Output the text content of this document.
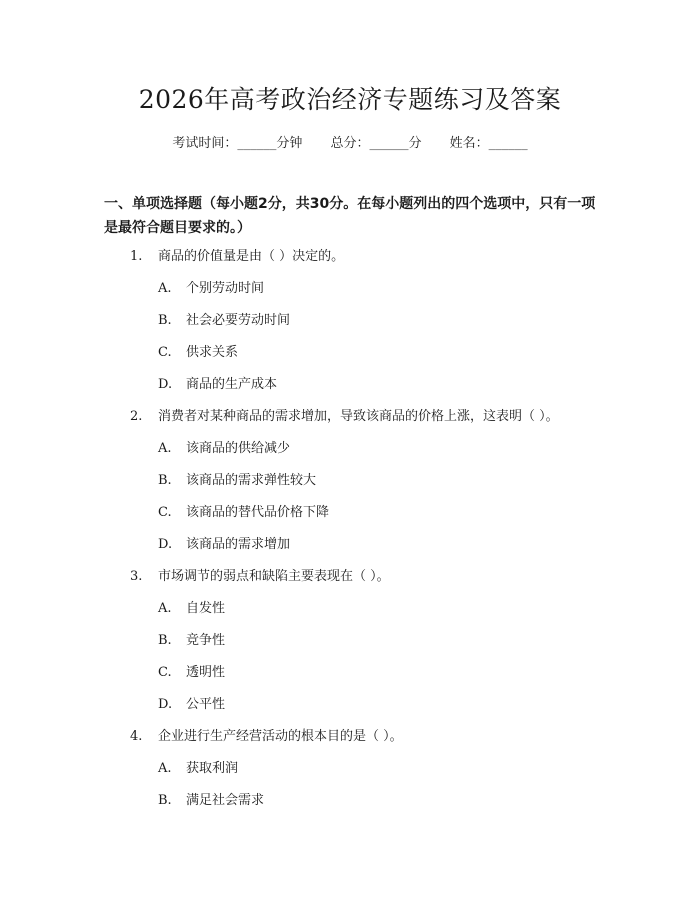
2026年高考政治经济专题练习及答案
考试时间：______分钟 总分：______分 姓名：______
一、单项选择题（每小题2分，共30分。在每小题列出的四个选项中，只有一项是最符合题目要求的。）
1. 商品的价值量是由（ ）决定的。
A. 个别劳动时间
B. 社会必要劳动时间
C. 供求关系
D. 商品的生产成本
2. 消费者对某种商品的需求增加，导致该商品的价格上涨，这表明（ ）。
A. 该商品的供给减少
B. 该商品的需求弹性较大
C. 该商品的替代品价格下降
D. 该商品的需求增加
3. 市场调节的弱点和缺陷主要表现在（ ）。
A. 自发性
B. 竞争性
C. 透明性
D. 公平性
4. 企业进行生产经营活动的根本目的是（ ）。
A. 获取利润
B. 满足社会需求
